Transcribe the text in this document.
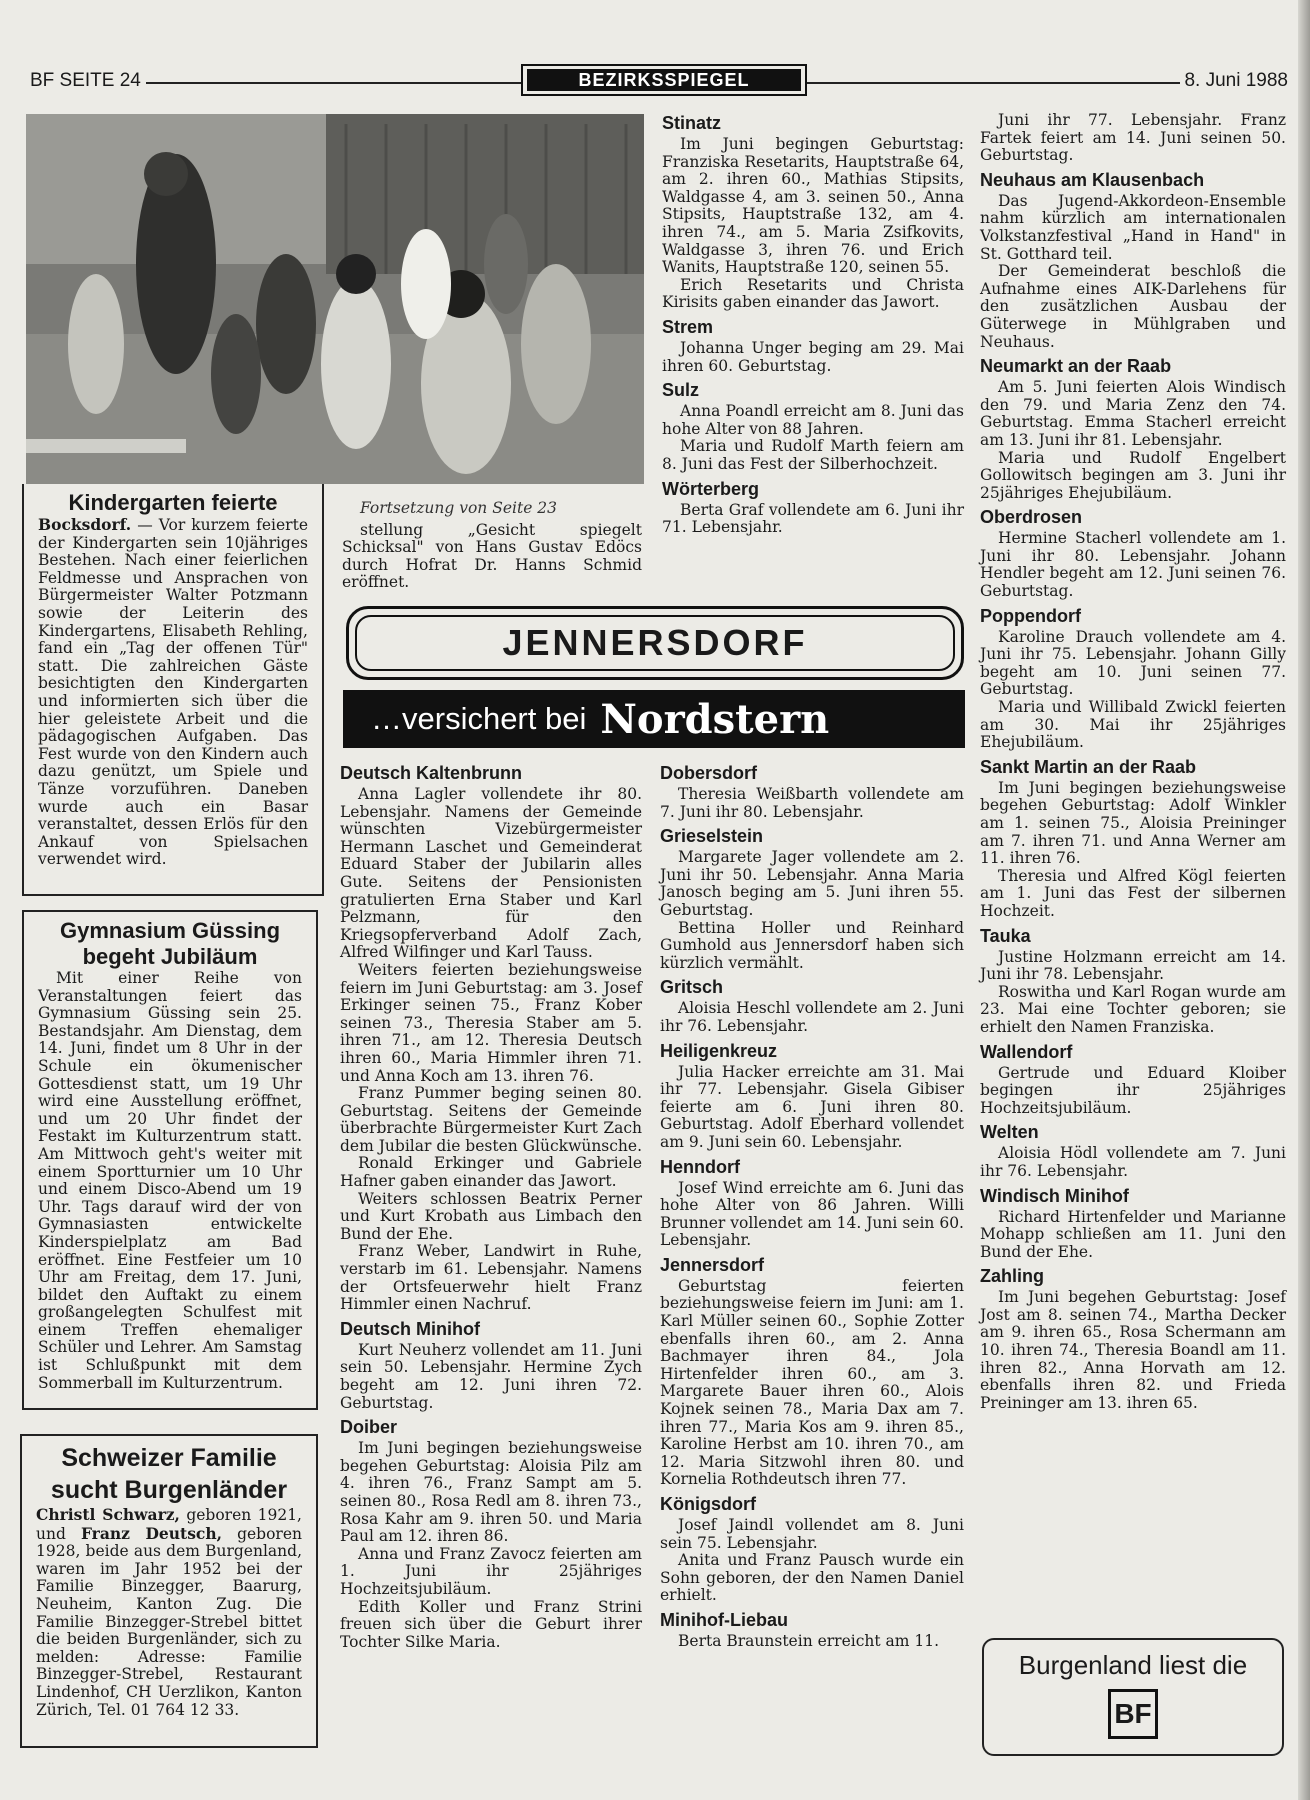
BF SEITE 24	BEZIRKSSPIEGEL	8. Juni 1988
Kindergarten feierte

Bocksdorf. — Vor kurzem feierte der Kindergarten sein 10jähriges Bestehen. Nach einer feierlichen Feldmesse und Ansprachen von Bürgermeister Walter Potzmann sowie der Leiterin des Kindergartens, Elisabeth Rehling, fand ein „Tag der offenen Tür" statt. Die zahlreichen Gäste besichtigten den Kindergarten und informierten sich über die hier geleistete Arbeit und die pädagogischen Aufgaben. Das Fest wurde von den Kindern auch dazu genützt, um Spiele und Tänze vorzuführen. Daneben wurde auch ein Basar veranstaltet, dessen Erlös für den Ankauf von Spielsachen verwendet wird.

Gymnasium Güssing
begeht Jubiläum

Mit einer Reihe von Veranstaltungen feiert das Gymnasium Güssing sein 25. Bestandsjahr. Am Dienstag, dem 14. Juni, findet um 8 Uhr in der Schule ein ökumenischer Gottesdienst statt, um 19 Uhr wird eine Ausstellung eröffnet, und um 20 Uhr findet der Festakt im Kulturzentrum statt. Am Mittwoch geht's weiter mit einem Sportturnier um 10 Uhr und einem Disco-Abend um 19 Uhr. Tags darauf wird der von Gymnasiasten entwickelte Kinderspielplatz am Bad eröffnet. Eine Festfeier um 10 Uhr am Freitag, dem 17. Juni, bildet den Auftakt zu einem großangelegten Schulfest mit einem Treffen ehemaliger Schüler und Lehrer. Am Samstag ist Schlußpunkt mit dem Sommerball im Kulturzentrum.

Schweizer Familie
sucht Burgenländer

Christl Schwarz, geboren 1921, und Franz Deutsch, geboren 1928, beide aus dem Burgenland, waren im Jahr 1952 bei der Familie Binzegger, Baarurg, Neuheim, Kanton Zug. Die Familie Binzegger-Strebel bittet die beiden Burgenländer, sich zu melden: Adresse: Familie Binzegger-Strebel, Restaurant Lindenhof, CH Uerzlikon, Kanton Zürich, Tel. 01 764 12 33.

Fortsetzung von Seite 23

stellung „Gesicht spiegelt Schicksal" von Hans Gustav Edöcs durch Hofrat Dr. Hanns Schmid eröffnet.

Stinatz

Im Juni begingen Geburtstag: Franziska Resetarits, Hauptstraße 64, am 2. ihren 60., Mathias Stipsits, Waldgasse 4, am 3. seinen 50., Anna Stipsits, Hauptstraße 132, am 4. ihren 74., am 5. Maria Zsifkovits, Waldgasse 3, ihren 76. und Erich Wanits, Hauptstraße 120, seinen 55.

Erich Resetarits und Christa Kirisits gaben einander das Jawort.

Strem

Johanna Unger beging am 29. Mai ihren 60. Geburtstag.

Sulz

Anna Poandl erreicht am 8. Juni das hohe Alter von 88 Jahren.

Maria und Rudolf Marth feiern am 8. Juni das Fest der Silberhochzeit.

Wörterberg

Berta Graf vollendete am 6. Juni ihr 71. Lebensjahr.

JENNERSDORF
…versichert bei Nordstern
Deutsch Kaltenbrunn

Anna Lagler vollendete ihr 80. Lebensjahr. Namens der Gemeinde wünschten Vizebürgermeister Hermann Laschet und Gemeinderat Eduard Staber der Jubilarin alles Gute. Seitens der Pensionisten gratulierten Erna Staber und Karl Pelzmann, für den Kriegsopferverband Adolf Zach, Alfred Wilfinger und Karl Tauss.

Weiters feierten beziehungsweise feiern im Juni Geburtstag: am 3. Josef Erkinger seinen 75., Franz Kober seinen 73., Theresia Staber am 5. ihren 71., am 12. Theresia Deutsch ihren 60., Maria Himmler ihren 71. und Anna Koch am 13. ihren 76.

Franz Pummer beging seinen 80. Geburtstag. Seitens der Gemeinde überbrachte Bürgermeister Kurt Zach dem Jubilar die besten Glückwünsche.

Ronald Erkinger und Gabriele Hafner gaben einander das Jawort.

Weiters schlossen Beatrix Perner und Kurt Krobath aus Limbach den Bund der Ehe.

Franz Weber, Landwirt in Ruhe, verstarb im 61. Lebensjahr. Namens der Ortsfeuerwehr hielt Franz Himmler einen Nachruf.

Deutsch Minihof

Kurt Neuherz vollendet am 11. Juni sein 50. Lebensjahr. Hermine Zych begeht am 12. Juni ihren 72. Geburtstag.

Doiber

Im Juni begingen beziehungsweise begehen Geburtstag: Aloisia Pilz am 4. ihren 76., Franz Sampt am 5. seinen 80., Rosa Redl am 8. ihren 73., Rosa Kahr am 9. ihren 50. und Maria Paul am 12. ihren 86.

Anna und Franz Zavocz feierten am 1. Juni ihr 25jähriges Hochzeitsjubiläum.

Edith Koller und Franz Strini freuen sich über die Geburt ihrer Tochter Silke Maria.

Dobersdorf

Theresia Weißbarth vollendete am 7. Juni ihr 80. Lebensjahr.

Grieselstein

Margarete Jager vollendete am 2. Juni ihr 50. Lebensjahr. Anna Maria Janosch beging am 5. Juni ihren 55. Geburtstag.

Bettina Holler und Reinhard Gumhold aus Jennersdorf haben sich kürzlich vermählt.

Gritsch

Aloisia Heschl vollendete am 2. Juni ihr 76. Lebensjahr.

Heiligenkreuz

Julia Hacker erreichte am 31. Mai ihr 77. Lebensjahr. Gisela Gibiser feierte am 6. Juni ihren 80. Geburtstag. Adolf Eberhard vollendet am 9. Juni sein 60. Lebensjahr.

Henndorf

Josef Wind erreichte am 6. Juni das hohe Alter von 86 Jahren. Willi Brunner vollendet am 14. Juni sein 60. Lebensjahr.

Jennersdorf

Geburtstag feierten beziehungsweise feiern im Juni: am 1. Karl Müller seinen 60., Sophie Zotter ebenfalls ihren 60., am 2. Anna Bachmayer ihren 84., Jola Hirtenfelder ihren 60., am 3. Margarete Bauer ihren 60., Alois Kojnek seinen 78., Maria Dax am 7. ihren 77., Maria Kos am 9. ihren 85., Karoline Herbst am 10. ihren 70., am 12. Maria Sitzwohl ihren 80. und Kornelia Rothdeutsch ihren 77.

Königsdorf

Josef Jaindl vollendet am 8. Juni sein 75. Lebensjahr.

Anita und Franz Pausch wurde ein Sohn geboren, der den Namen Daniel erhielt.

Minihof-Liebau

Berta Braunstein erreicht am 11.

Juni ihr 77. Lebensjahr. Franz Fartek feiert am 14. Juni seinen 50. Geburtstag.

Neuhaus am Klausenbach

Das Jugend-Akkordeon-Ensemble nahm kürzlich am internationalen Volkstanzfestival „Hand in Hand" in St. Gotthard teil.

Der Gemeinderat beschloß die Aufnahme eines AIK-Darlehens für den zusätzlichen Ausbau der Güterwege in Mühlgraben und Neuhaus.

Neumarkt an der Raab

Am 5. Juni feierten Alois Windisch den 79. und Maria Zenz den 74. Geburtstag. Emma Stacherl erreicht am 13. Juni ihr 81. Lebensjahr.

Maria und Rudolf Engelbert Gollowitsch begingen am 3. Juni ihr 25jähriges Ehejubiläum.

Oberdrosen

Hermine Stacherl vollendete am 1. Juni ihr 80. Lebensjahr. Johann Hendler begeht am 12. Juni seinen 76. Geburtstag.

Poppendorf

Karoline Drauch vollendete am 4. Juni ihr 75. Lebensjahr. Johann Gilly begeht am 10. Juni seinen 77. Geburtstag.

Maria und Willibald Zwickl feierten am 30. Mai ihr 25jähriges Ehejubiläum.

Sankt Martin an der Raab

Im Juni begingen beziehungsweise begehen Geburtstag: Adolf Winkler am 1. seinen 75., Aloisia Preininger am 7. ihren 71. und Anna Werner am 11. ihren 76.

Theresia und Alfred Kögl feierten am 1. Juni das Fest der silbernen Hochzeit.

Tauka

Justine Holzmann erreicht am 14. Juni ihr 78. Lebensjahr.

Roswitha und Karl Rogan wurde am 23. Mai eine Tochter geboren; sie erhielt den Namen Franziska.

Wallendorf

Gertrude und Eduard Kloiber begingen ihr 25jähriges Hochzeitsjubiläum.

Welten

Aloisia Hödl vollendete am 7. Juni ihr 76. Lebensjahr.

Windisch Minihof

Richard Hirtenfelder und Marianne Mohapp schließen am 11. Juni den Bund der Ehe.

Zahling

Im Juni begehen Geburtstag: Josef Jost am 8. seinen 74., Martha Decker am 9. ihren 65., Rosa Schermann am 10. ihren 74., Theresia Boandl am 11. ihren 82., Anna Horvath am 12. ebenfalls ihren 82. und Frieda Preininger am 13. ihren 65.

Burgenland liest die
BF
